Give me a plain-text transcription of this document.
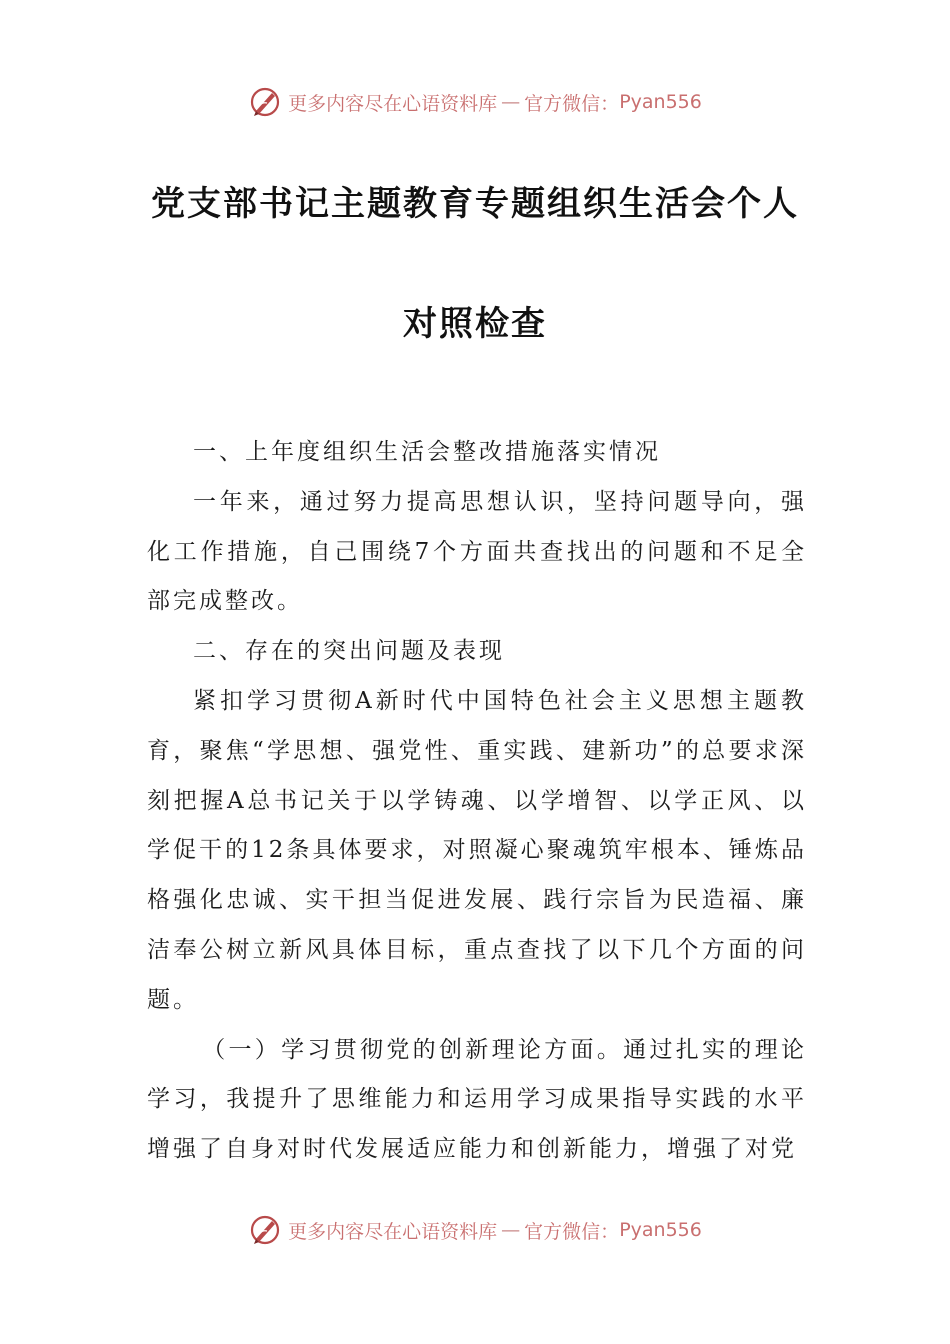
更多内容尽在心语资料库 — 官方微信： Pyan556
党支部书记主题教育专题组织生活会个人
对照检查

一、上年度组织生活会整改措施落实情况

一年来，通过努力提高思想认识，坚持问题导向，强化工作措施，自己围绕7个方面共查找出的问题和不足全部完成整改。

二、存在的突出问题及表现

紧扣学习贯彻A新时代中国特色社会主义思想主题教育，聚焦“学思想、强党性、重实践、建新功”的总要求深刻把握A总书记关于以学铸魂、以学增智、以学正风、以学促干的12条具体要求，对照凝心聚魂筑牢根本、锤炼品格强化忠诚、实干担当促进发展、践行宗旨为民造福、廉洁奉公树立新风具体目标，重点查找了以下几个方面的问题。

（一）学习贯彻党的创新理论方面。通过扎实的理论学习，我提升了思维能力和运用学习成果指导实践的水平增强了自身对时代发展适应能力和创新能力，增强了对党

更多内容尽在心语资料库 — 官方微信： Pyan556
